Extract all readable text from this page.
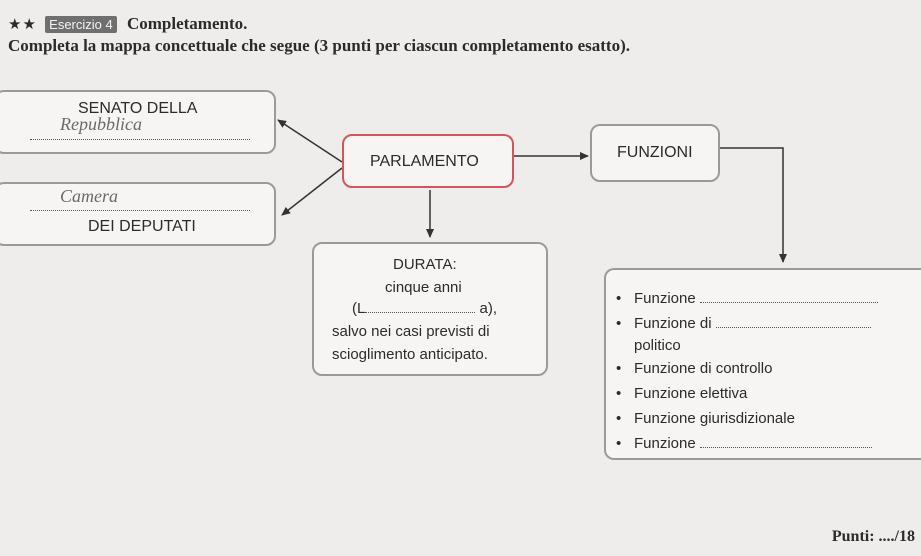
★★ Esercizio 4 Completamento.
Completa la mappa concettuale che segue (3 punti per ciascun completamento esatto).
SENATO DELLA
Repubblica
Camera
DEI DEPUTATI
PARLAMENTO
FUNZIONI
DURATA:
cinque anni
(L	a),
salvo nei casi previsti di
scioglimento anticipato.
• Funzione
• Funzione di
politico
• Funzione di controllo
• Funzione elettiva
• Funzione giurisdizionale
• Funzione
Punti: ..../18
